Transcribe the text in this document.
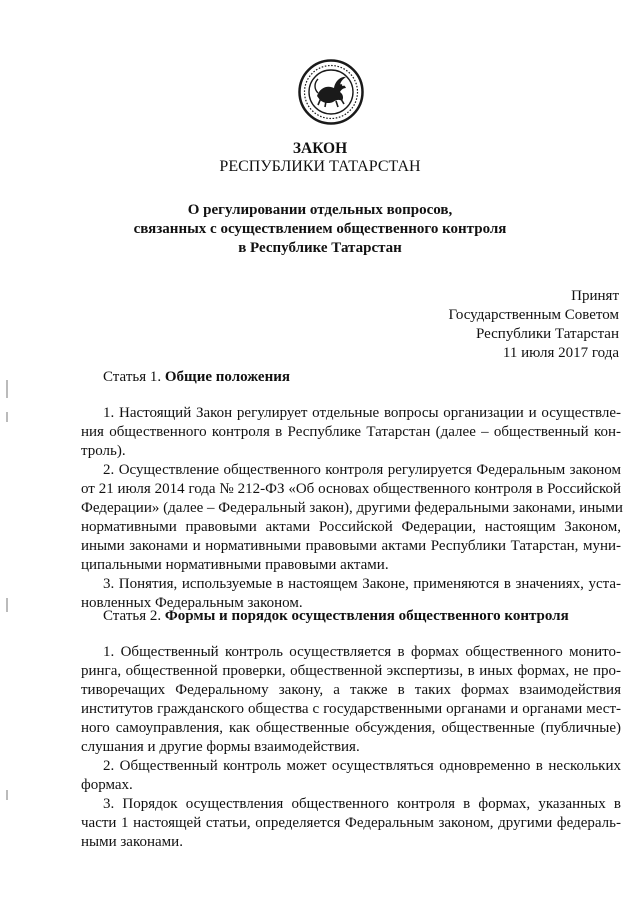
ЗАКОН
РЕСПУБЛИКИ ТАТАРСТАН
О регулировании отдельных вопросов,
связанных с осуществлением общественного контроля
в Республике Татарстан
Принят
Государственным Советом
Республики Татарстан
11 июля 2017 года
Статья 1. Общие положения
1. Настоящий Закон регулирует отдельные вопросы организации и осуществле-
ния общественного контроля в Республике Татарстан (далее – общественный кон-
троль).
2. Осуществление общественного контроля регулируется Федеральным законом
от 21 июля 2014 года № 212-ФЗ «Об основах общественного контроля в Российской
Федерации» (далее – Федеральный закон), другими федеральными законами, иными
нормативными правовыми актами Российской Федерации, настоящим Законом,
иными законами и нормативными правовыми актами Республики Татарстан, муни-
ципальными нормативными правовыми актами.
3. Понятия, используемые в настоящем Законе, применяются в значениях, уста-
новленных Федеральным законом.
Статья 2. Формы и порядок осуществления общественного контроля
1. Общественный контроль осуществляется в формах общественного монито-
ринга, общественной проверки, общественной экспертизы, в иных формах, не про-
тиворечащих Федеральному закону, а также в таких формах взаимодействия
институтов гражданского общества с государственными органами и органами мест-
ного самоуправления, как общественные обсуждения, общественные (публичные)
слушания и другие формы взаимодействия.
2. Общественный контроль может осуществляться одновременно в нескольких
формах.
3. Порядок осуществления общественного контроля в формах, указанных в
части 1 настоящей статьи, определяется Федеральным законом, другими федераль-
ными законами.
